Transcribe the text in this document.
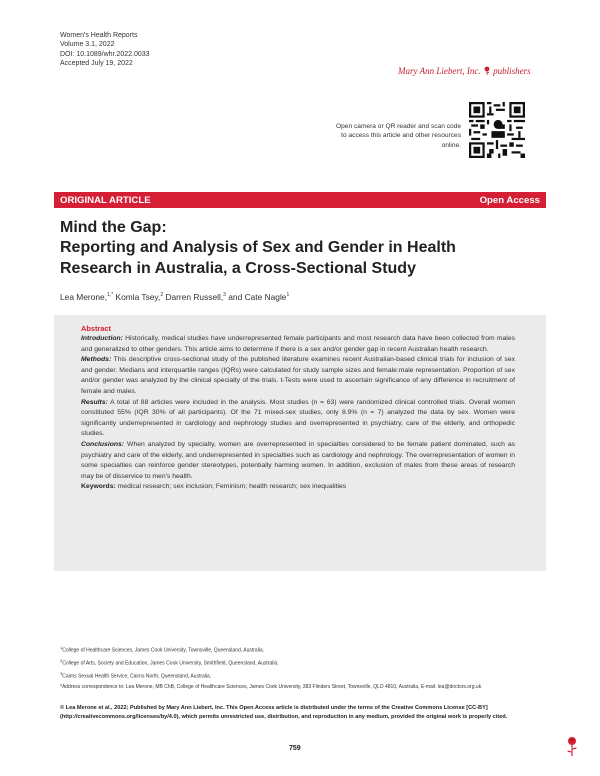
Women's Health Reports
Volume 3.1, 2022
DOI: 10.1089/whr.2022.0033
Accepted July 19, 2022
Mary Ann Liebert, Inc. publishers
Open camera or QR reader and scan code to access this article and other resources online.
ORIGINAL ARTICLE	Open Access
Mind the Gap:
Reporting and Analysis of Sex and Gender in Health
Research in Australia, a Cross-Sectional Study
Lea Merone,$^{1,*}$ Komla Tsey,$^2$ Darren Russell,$^3$ and Cate Nagle$^1$
Abstract

Introduction: Historically, medical studies have underrepresented female participants and most research data have been collected from males and generalized to other genders. This article aims to determine if there is a sex and/or gender gap in recent Australian health research.

Methods: This descriptive cross-sectional study of the published literature examines recent Australian-based clinical trials for inclusion of sex and gender. Medians and interquartile ranges (IQRs) were calculated for study sample sizes and female:male representation. Proportion of sex and/or gender was analyzed by the clinical specialty of the trials. t-Tests were used to ascertain significance of any difference in recruitment of female and males.

Results: A total of 88 articles were included in the analysis. Most studies (n = 63) were randomized clinical controlled trials. Overall women constituted 55% (IQR 30% of all participants). Of the 71 mixed-sex studies, only 8.9% (n = 7) analyzed the data by sex. Women were significantly underrepresented in cardiology and nephrology studies and overrepresented in psychiatry, care of the elderly, and orthopedic studies.

Conclusions: When analyzed by specialty, women are overrepresented in specialties considered to be female patient dominated, such as psychiatry and care of the elderly, and underrepresented in specialties such as cardiology and nephrology. The overrepresentation of women in some specialties can reinforce gender stereotypes, potentially harming women. In addition, exclusion of males from these areas of research may be of disservice to men's health.

Keywords: medical research; sex inclusion; Feminism; health research; sex inequalities

$^1$College of Healthcare Sciences, James Cook University, Townsville, Queensland, Australia.
$^2$College of Arts, Society and Education, James Cook University, Smithfield, Queensland, Australia.
$^3$Cairns Sexual Health Service, Cairns North, Queensland, Australia.
*Address correspondence to: Lea Merone, MB ChB, College of Healthcare Sciences, James Cook University, 383 Flinders Street, Townsville, QLD 4810, Australia, E-mail: lea@doctors.org.uk
© Lea Merone et al., 2022; Published by Mary Ann Liebert, Inc. This Open Access article is distributed under the terms of the Creative Commons License [CC-BY] (http://creativecommons.org/licenses/by/4.0), which permits unrestricted use, distribution, and reproduction in any medium, provided the original work is properly cited.
759
